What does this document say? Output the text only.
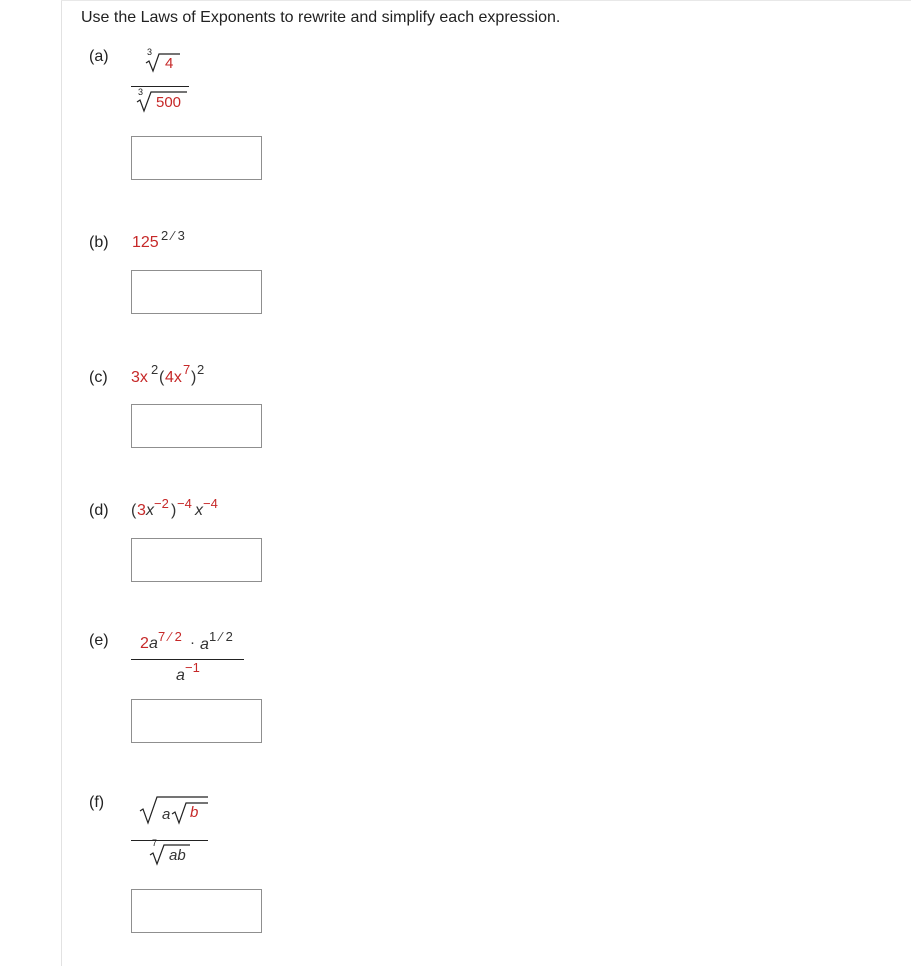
Use the Laws of Exponents to rewrite and simplify each expression.
(a)	3
4
3
500
(b) 125 2 ⁄ 3
(c) 3x 2 ( 4x 7 ) 2
(d) ( 3 x −2 ) −4 x −4
(e) 2 a 7 ⁄ 2 · a 1 ⁄ 2
a −1
(f)
a b
7
ab
